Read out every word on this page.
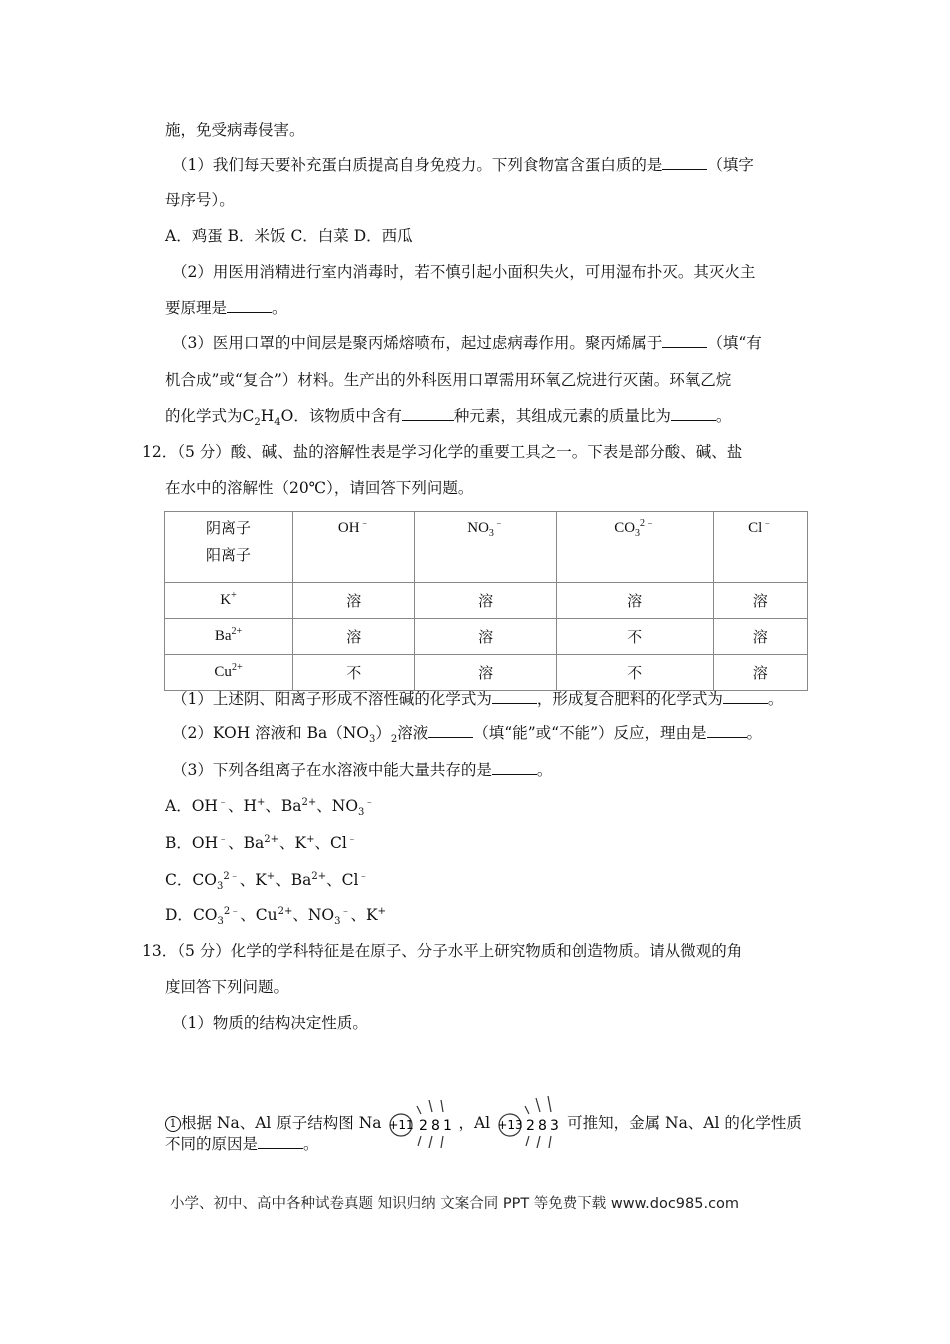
施，免受病毒侵害。
（1）我们每天要补充蛋白质提高自身免疫力。下列食物富含蛋白质的是	（填字
母序号）。
A．鸡蛋 B．米饭 C．白菜 D．西瓜
（2）用医用消精进行室内消毒时，若不慎引起小面积失火，可用湿布扑灭。其灭火主
要原理是	。
（3）医用口罩的中间层是聚丙烯熔喷布，起过虑病毒作用。聚丙烯属于	（填“有
机合成”或“复合”）材料。生产出的外科医用口罩需用环氧乙烷进行灭菌。环氧乙烷
的化学式为$C_2H_4O$．该物质中含有	种元素，其组成元素的质量比为	。
12．（5 分）酸、碱、盐的溶解性表是学习化学的重要工具之一。下表是部分酸、碱、盐
在水中的溶解性（20℃），请回答下列问题。
阴离子
阳离子	OH﹣	$NO_3^﹣$	$CO_3^{2﹣}$	Cl﹣
K+	溶	溶	溶	溶
$Ba^{2+}$	溶	溶	不	溶
$Cu^{2+}$	不	溶	不	溶
（1）上述阴、阳离子形成不溶性碱的化学式为	，形成复合肥料的化学式为	。
（2）KOH 溶液和 $Ba(NO_3)_2$溶液	（填“能”或“不能”）反应，理由是	。
（3）下列各组离子在水溶液中能大量共存的是	。
A．OH﹣、H+、$Ba^{2+}$、$NO_3^﹣$
B．OH﹣、$Ba^{2+}$、K+、Cl﹣
C．$CO_3^{2﹣}$、K+、$Ba^{2+}$、Cl﹣
D．$CO_3^{2﹣}$、$Cu^{2+}$、$NO_3^﹣$、K+
13．（5 分）化学的学科特征是在原子、分子水平上研究物质和创造物质。请从微观的角
度回答下列问题。
（1）物质的结构决定性质。
1 根据 Na、Al 原子结构图 Na +11 2 8 1 ，Al +13 2 8 3 可推知，金属 Na、Al 的化学性质
不同的原因是	。
小学、初中、高中各种试卷真题 知识归纳 文案合同 PPT 等免费下载 www.doc985.com
